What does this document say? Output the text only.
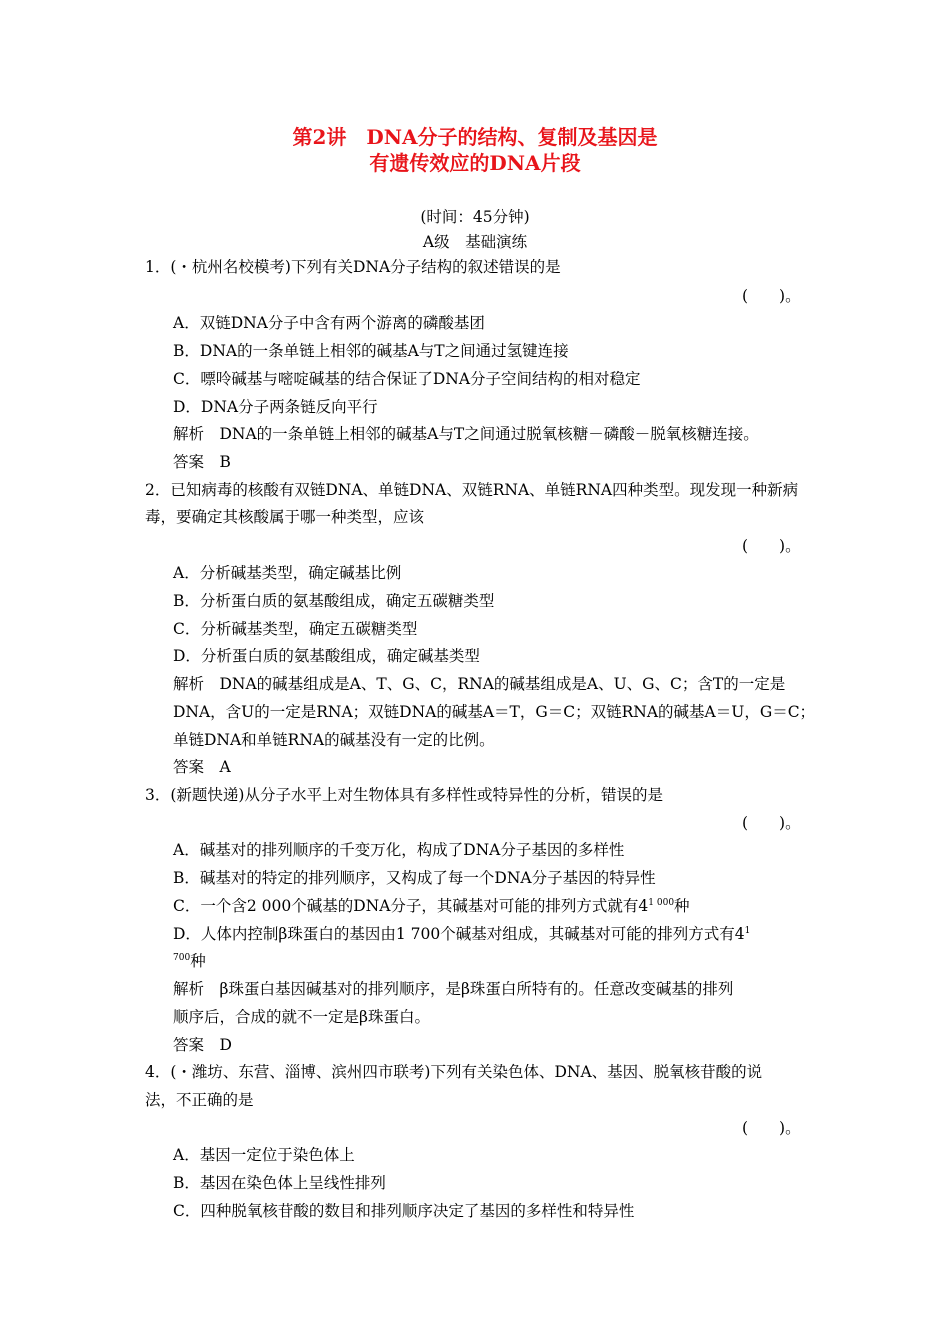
第2讲　DNA分子的结构、复制及基因是
有遗传效应的DNA片段
(时间：45分钟)
A级　基础演练
1．(・杭州名校模考)下列有关DNA分子结构的叙述错误的是
(　　)。
A．双链DNA分子中含有两个游离的磷酸基团
B．DNA的一条单链上相邻的碱基A与T之间通过氢键连接
C．嘌呤碱基与嘧啶碱基的结合保证了DNA分子空间结构的相对稳定
D．DNA分子两条链反向平行
解析　DNA的一条单链上相邻的碱基A与T之间通过脱氧核糖－磷酸－脱氧核糖连接。
答案　B
2．已知病毒的核酸有双链DNA、单链DNA、双链RNA、单链RNA四种类型。现发现一种新病
毒，要确定其核酸属于哪一种类型，应该
(　　)。
A．分析碱基类型，确定碱基比例
B．分析蛋白质的氨基酸组成，确定五碳糖类型
C．分析碱基类型，确定五碳糖类型
D．分析蛋白质的氨基酸组成，确定碱基类型
解析　DNA的碱基组成是A、T、G、C，RNA的碱基组成是A、U、G、C；含T的一定是
DNA，含U的一定是RNA；双链DNA的碱基A＝T，G＝C；双链RNA的碱基A＝U，G＝C；
单链DNA和单链RNA的碱基没有一定的比例。
答案　A
3．(新题快递)从分子水平上对生物体具有多样性或特异性的分析，错误的是
(　　)。
A．碱基对的排列顺序的千变万化，构成了DNA分子基因的多样性
B．碱基对的特定的排列顺序，又构成了每一个DNA分子基因的特异性
C．一个含2 000个碱基的DNA分子，其碱基对可能的排列方式就有$4^{1 000}$种
D．人体内控制β珠蛋白的基因由1 700个碱基对组成，其碱基对可能的排列方式有$4^1$
$^{700}$种
解析　β珠蛋白基因碱基对的排列顺序，是β珠蛋白所特有的。任意改变碱基的排列
顺序后，合成的就不一定是β珠蛋白。
答案　D
4．(・潍坊、东营、淄博、滨州四市联考)下列有关染色体、DNA、基因、脱氧核苷酸的说
法，不正确的是
(　　)。
A．基因一定位于染色体上
B．基因在染色体上呈线性排列
C．四种脱氧核苷酸的数目和排列顺序决定了基因的多样性和特异性
